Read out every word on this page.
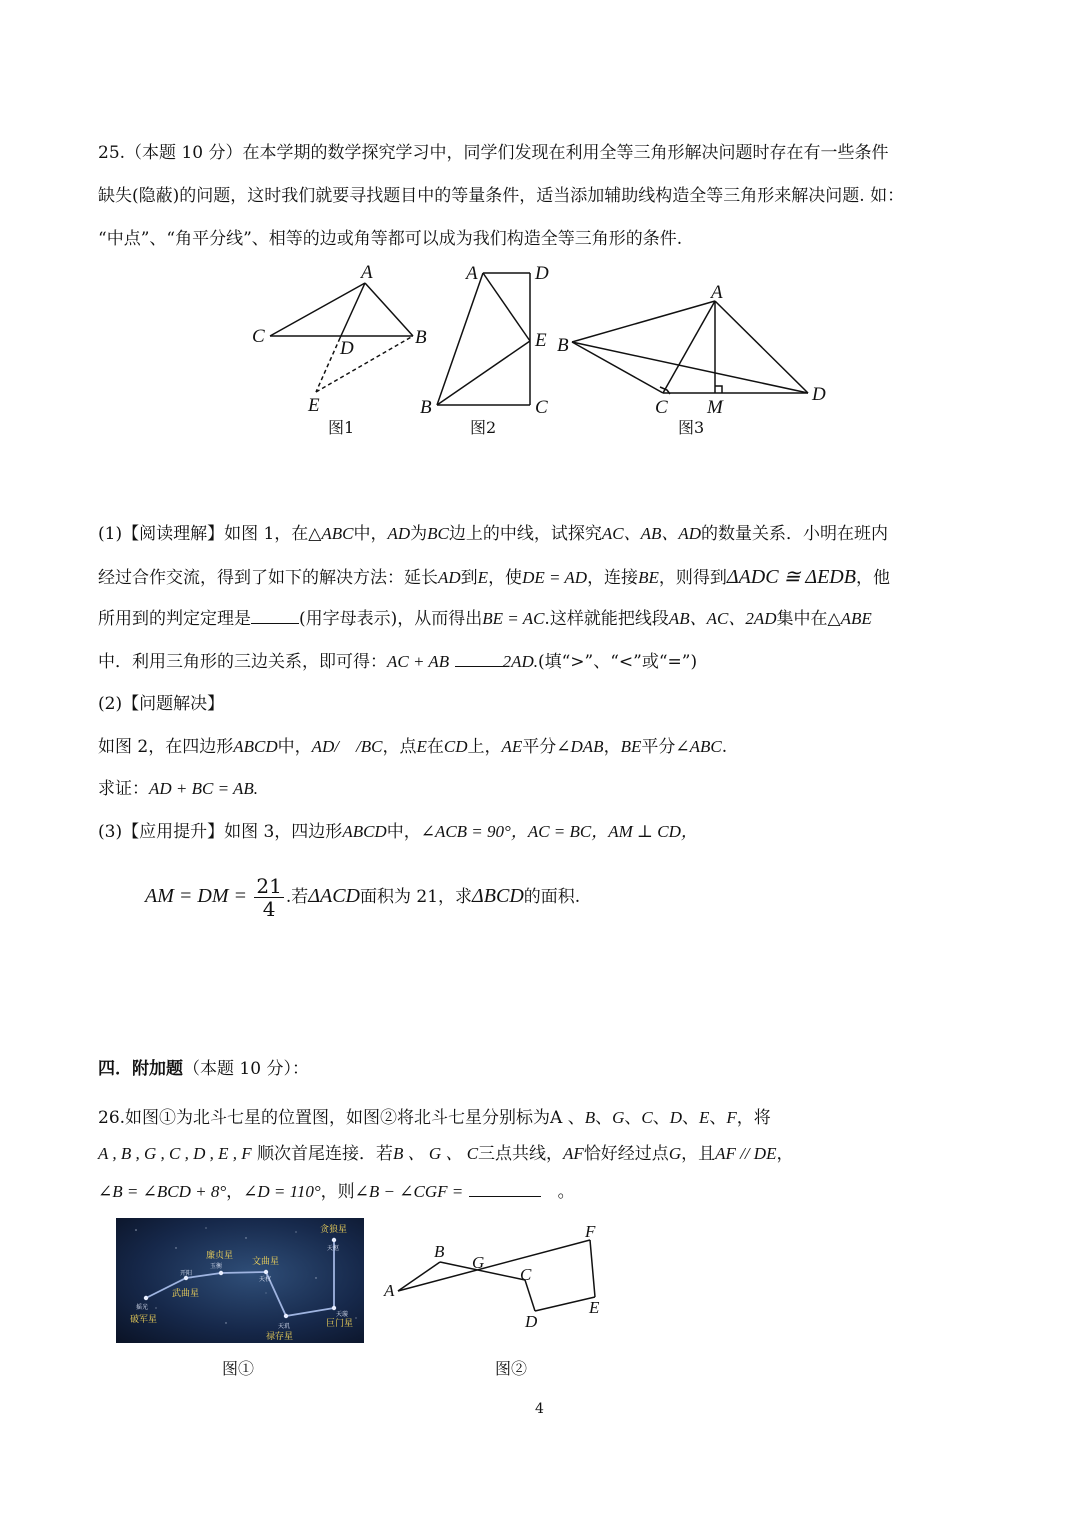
25.（本题 10 分）在本学期的数学探究学习中，同学们发现在利用全等三角形解决问题时存在有一些条件
缺失(隐蔽)的问题，这时我们就要寻找题目中的等量条件，适当添加辅助线构造全等三角形来解决问题. 如：
“中点”、“角平分线”、相等的边或角等都可以成为我们构造全等三角形的条件.
A
C	B
D
E
图1
A	D
E
B	C
图2
A
B
D
C M
图3
(1)【阅读理解】如图 1，在△ABC中，AD为BC边上的中线，试探究AC、AB、AD的数量关系．小明在班内
经过合作交流，得到了如下的解决方法：延长AD到E，使DE = AD，连接BE，则得到ΔADC ≅ ΔEDB，他
所用到的判定定理是	(用字母表示)，从而得出BE = AC.这样就能把线段AB、AC、2AD集中在△ABE
中．利用三角形的三边关系，即可得：AC + AB	2AD.(填“>”、“<”或“=”)
(2)【问题解决】
如图 2，在四边形ABCD中，AD/　/BC，点E在CD上，AE平分∠DAB，BE平分∠ABC.
求证：AD + BC = AB.
(3)【应用提升】如图 3，四边形ABCD中，∠ACB = 90°，AC = BC，AM ⊥ CD，
AM = DM = $\frac{21}{4}$ .若ΔACD面积为 21，求ΔBCD的面积.
四．附加题（本题 10 分）：
26.如图①为北斗七星的位置图，如图②将北斗七星分别标为A 、B、G、C、D、E、F，将
A , B , G , C , D , E , F 顺次首尾连接．若B 、 G 、 C三点共线，AF恰好经过点G，且AF // DE，
∠B = ∠BCD + 8°，∠D = 110°，则∠B − ∠CGF = 　	。
贪狼星
廉贞星
文曲星
武曲星
破军星
禄存星
巨门星
天枢
玉衡
天权
开阳
摇光
天玑
天璇
图①
A
B
G
C
D
E
F
图②
4
